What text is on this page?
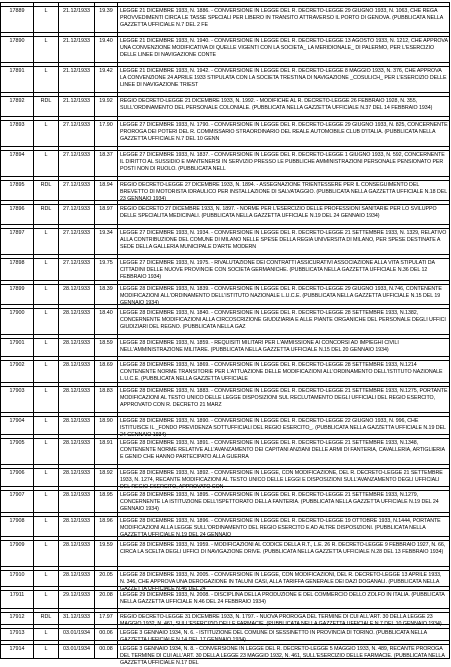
17889	L	21.12/1933	19.39	LEGGE 21 DICEMBRE 1933, N. 1886. - CONVERSIONE IN LEGGE DEL R. DECRETO-LEGGE 29 GIUGNO 1933, N. 1063, CHE REGA PROVVEDIMENTI CIRCA LE TASSE SPECIALI PER LIBERO IN TRANSITO ATTRAVERSO IL PORTO DI GENOVA. (PUBBLICATA NELLA GAZZETTA UFFICIALE N.7 DEL 2 FE
17890	L	21.12/1933	19.40	LEGGE 21 DICEMBRE 1933, N. 1940. - CONVERSIONE IN LEGGE DEL R. DECRETO-LEGGE 13 AGOSTO 1933, N. 1212, CHE APPROVA UNA CONVENZIONE MODIFICATIVA DI QUELLE VIGENTI CON LA SOCIETA_ LA MERIDIONALE_ DI PALERMO, PER L'ESERCIZIO DELLE LINEE DI NAVIGAZIONE CONTE
17891	L	21.12/1933	19.42	LEGGE 21 DICEMBRE 1933, N. 1942. - CONVERSIONE IN LEGGE DEL R. DECRETO-LEGGE 8 MAGGIO 1933, N. 376, CHE APPROVA LA CONVENZIONE 24 APRILE 1933 STIPULATA CON LA SOCIETA TRESTINA DI NAVIGAZIONE _COSULICH_ PER L'ESERCIZIO DELLE LINEE DI NAVIGAZIONE TRIEST
17892	RDL	21.12/1933	19.92	REGIO DECRETO-LEGGE 21 DICEMBRE 1933, N. 1992. - MODIFICHE AL R. DECRETO-LEGGE 26 FEBBRAIO 1928, N. 355, SULL'ORDINAMENTO DEL PERSONALE COLONIALE. (PUBBLICATA NELLA GAZZETTA UFFICIALE N.37 DEL 14 FEBBRAIO 1934)
17893	L	27.12/1933	17.90	LEGGE 27 DICEMBRE 1933, N. 1790. - CONVERSIONE IN LEGGE DEL R. DECRETO-LEGGE 29 GIUGNO 1933, N. 825, CONCERNENTE PROROGA DEI POTERI DEL R. COMMISSARIO STRAORDINARIO DEL REALE AUTOMOBILE CLUB D'ITALIA. (PUBBLICATA NELLA GAZZETTA UFFICIALE N.7 DEL 10 GENN
17894	L	27.12/1933	18.37	LEGGE 27 DICEMBRE 1933, N. 1837. - CONVERSIONE IN LEGGE DEL R. DECRETO-LEGGE 1 GIUGNO 1933, N. 592, CONCERNENTE IL DIRITTO AL SUSSIDIO E MANTENERSI IN SERVIZIO PRESSO LE PUBBLICHE AMMINISTRAZIONI PERSONALE PENSIONATO PER POSTI NON DI RUOLO. (PUBBLICATA NELL
17895	RDL	27.12/1933	18.94	REGIO DECRETO-LEGGE 27 DICEMBRE 1933, N. 1894. - ASSEGNAZIONE TRIENTESSERE PER IL CONSEGUIMENTO DEL BREVETTO DI MOTORISTA IDRAULICO PER INSTALLAZIONE DI SALVATAGGIO. (PUBBLICATA NELLA GAZZETTA UFFICIALE N.18 DEL 23 GENNAIO 1934)
17896	RDL	27.12/1933	18.97	REGIO DECRETO 27 DICEMBRE 1933, N. 1897. - NORME PER L'ESERCIZIO DELLE PROFESSIONI SANITARIE PER LO SVILUPPO DELLE SPECIALITA MEDICINALI. (PUBBLICATA NELLA GAZZETTA UFFICIALE N.19 DEL 24 GENNAIO 1934)
17897	L	27.12/1933	19.34	LEGGE 27 DICEMBRE 1933, N. 1934. - CONVERSIONE IN LEGGE DEL R. DECRETO-LEGGE 21 SETTEMBRE 1933, N. 1329, RELATIVO ALLA CONTRIBUZIONE DEL COMUNE DI MILANO NELLE SPESE DELLA REGIA UNIVERSITA DI MILANO, PER SPESE DESTINATE A SEDE DELLA GALLERIA MUNICIPALE D'ARTE MODERN
17898	L	27.12/1933	19.75	LEGGE 27 DICEMBRE 1933, N. 1975. - RIVALUTAZIONE DEI CONTRATTI ASSICURATIVI ASSOCIAZIONE ALLA VITA STIPULATI DA CITTADINI DELLE NUOVE PROVINCIE CON SOCIETA GERMANICHE. (PUBBLICATA NELLA GAZZETTA UFFICIALE N.36 DEL 12 FEBBRAIO 1934)
17899	L	28.12/1933	18.39	LEGGE 28 DICEMBRE 1933, N. 1839. - CONVERSIONE IN LEGGE DEL R. DECRETO-LEGGE 29 GIUGNO 1933, N.746, CONTENENTE MODIFICAZIONI ALL'ORDINAMENTO DELL'ISTITUTO NAZIONALE L.U.C.E. (PUBBLICATA NELLA GAZZETTA UFFICIALE N.15 DEL 19 GENNAIO 1934)
17900	L	28.12/1933	18.40	LEGGE 28 DICEMBRE 1933, N. 1840. - CONVERSIONE IN LEGGE DEL R. DECRETO-LEGGE 28 SETTEMBRE 1933, N.1382, CONCERNENTE MODIFICAZIONI ALLA CIRCOSCRIZIONE GIUDIZIARIA E ALLE PIANTE ORGANICHE DEL PERSONALE DEGLI UFFICI GIUDIZIARI DEL REGNO. (PUBBLICATA NELLA GAZ
17901	L	28.12/1933	18.59	LEGGE 28 DICEMBRE 1933, N. 1859. - REQUISITI MILITARI PER L'AMMISSIONE AI CONCORSI AD IMPIEGHI CIVILI NELL'AMMINISTRAZIONE MILITARE. (PUBBLICATA NELLA GAZZETTA UFFICIALE N.15 DEL 20 GENNAIO 1934)
17902	L	28.12/1933	18.69	LEGGE 28 DICEMBRE 1933, N. 1869. - CONVERSIONE IN LEGGE DEL R. DECRETO-LEGGE 28 SETTEMBRE 1933, N.1214 CONTENENTE NORME TRANSITORIE PER L'ATTUAZIONE DELLE MODIFICAZIONI ALL'ORDINAMENTO DELL'ISTITUTO NAZIONALE L.U.C.E. (PUBBLICATA NELLA GAZZETTA UFFICIALE
17903	L	28.12/1933	18.83	LEGGE 28 DICEMBRE 1933, N. 1883. - CONVERSIONE IN LEGGE DEL R. DECRETO-LEGGE 21 SETTEMBRE 1933, N.1275, PORTANTE MODIFICAZIONI AL TESTO UNICO DELLE LEGGE DISPOSIZIONI SUL RECLUTAMENTO DEGLI UFFICIALI DEL REGIO ESERCITO, APPROVATO CON R. DECRETO 21 MARZ
17904	L	28.12/1933	18.90	LEGGE 28 DICEMBRE 1933, N. 1890. - CONVERSIONE IN LEGGE DEL R. DECRETO-LEGGE 22 GIUGNO 1933, N. 996, CHE ISTITUISCE IL _FONDO PREVIDENZA SOTTUFFICIALI DEL REGIO ESERCITO_. (PUBBLICATA NELLA GAZZETTA UFFICIALE N.19 DEL 24 GENNAIO 1934)
17905	L	28.12/1933	18.91	LEGGE 28 DICEMBRE 1933, N. 1891. - CONVERSIONE IN LEGGE DEL R. DECRETO-LEGGE 21 SETTEMBRE 1933, N.1348, CONTENENTE NORME RELATIVE ALL'AVANZAMENTO DEI CAPITANI ANZIANI DELLE ARMI DI FANTERIA, CAVALLERIA, ARTIGLIERIA E GENIO CHE HANNO PARTECIPATO ALLA GUERRA
17906	L	28.12/1933	18.92	LEGGE 28 DICEMBRE 1933, N. 1892. - CONVERSIONE IN LEGGE, CON MODIFICAZIONE, DEL R. DECRETO-LEGGE 21 SETTEMBRE 1933, N. 1274, RECANTE MODIFICAZIONI AL TESTO UNICO DELLE LEGGI E DISPOSIZIONI SULL'AVANZAMENTO DEGLI UFFICIALI DEL REGIO ESERCITO, APPROVATO CON
17907	L	28.12/1933	18.95	LEGGE 28 DICEMBRE 1933, N. 1895. - CONVERSIONE IN LEGGE DEL R. DECRETO-LEGGE 21 SETTEMBRE 1933, N.1279, CONCERNENTE LA ISTITUZIONE DELL'ISPETTORATO DELLA FANTERIA. (PUBBLICATA NELLA GAZZETTA UFFICIALE N.19 DEL 24 GENNAIO 1934)
17908	L	28.12/1933	18.96	LEGGE 28 DICEMBRE 1933, N. 1896. - CONVERSIONE IN LEGGE DEL R. DECRETO-LEGGE 19 OTTOBRE 1933, N.1444, PORTANTE MODIFICAZIONI ALLA LEGGE SULL'ORDINAMENTO DEL REGIO ESERCITO E AD ALTRE DISPOSIZIONI. (PUBBLICATA NELLA GAZZETTA UFFICIALE N.19 DEL 24 GENNAIO
17909	L	28.12/1933	19.59	LEGGE 28 DICEMBRE 1933, N. 1959. - MODIFICAZIONI AL CODICE DELLA R.T., L.E. 26 R. DECRETO-LEGGE 9 FEBBRAIO 1927, N. 66, CIRCA LA SCELTA DEGLI UFFICI DI NAVIGAZIONE DRIVE. (PUBBLICATA NELLA GAZZETTA UFFICIALE N.28 DEL 13 FEBBRAIO 1934)
17910	L	28.12/1933	20.05	LEGGE 28 DICEMBRE 1933, N. 2005. - CONVERSIONE IN LEGGE, CON MODIFICAZIONI, DEL R. DECRETO-LEGGE 13 APRILE 1933, N. 346, CHE APPROVA UNA DEROGAZIONE IN TALUNI CASI, ALLA TARIFFA GENERALE DEI DAZI DOGANALI. (PUBBLICATA NELLA GAZZETTA UFFICIALE N.46 DEL 24
17911	L	29.12/1933	20.08	LEGGE 29 DICEMBRE 1933, N. 2008. - DISCIPLINA DELLA PRODUZIONE E DEL COMMERCIO DELLO ZOLFO IN ITALIA. (PUBBLICATA NELLA GAZZETTA UFFICIALE N.46 DEL 24 FEBBRAIO 1934)
17912	RDL	31.12/1933	17.97	REGIO DECRETO-LEGGE 31 DICEMBRE 1933, N. 1797. - NUOVA PROROGA DEL TERMINE DI CUI ALL'ART. 30 DELLA LEGGE 23 MAGGIO 1932, N. 461, SULL'ESERCIZIO DELLE FARMACIE. (PUBBLICATA NELLA GAZZETTA UFFICIALE N.7 DEL 10 GENNAIO 1934)
17913	L	03.01/1934	00.06	LEGGE 3 GENNAIO 1934, N. 6. - ISTITUZIONE DEL COMUNE DI SESSINETTO IN PROVINCIA DI TORINO. (PUBBLICATA NELLA GAZZETTA UFFICIALE N.14 DEL 17 GENNAIO 1934)
17914	L	03.01/1934	00.08	LEGGE 3 GENNAIO 1934, N. 8. - CONVERSIONE IN LEGGE DEL R. DECRETO-LEGGE 5 MAGGIO 1933, N. 489, RECANTE PROROGA DEL TERMINE DI CUI ALL'ART. 30 DELLA LEGGE 23 MAGGIO 1932, N. 461, SULL'ESERCIZIO DELLE FARMACIE. (PUBBLICATA NELLA GAZZETTA UFFICIALE N.17 DEL
